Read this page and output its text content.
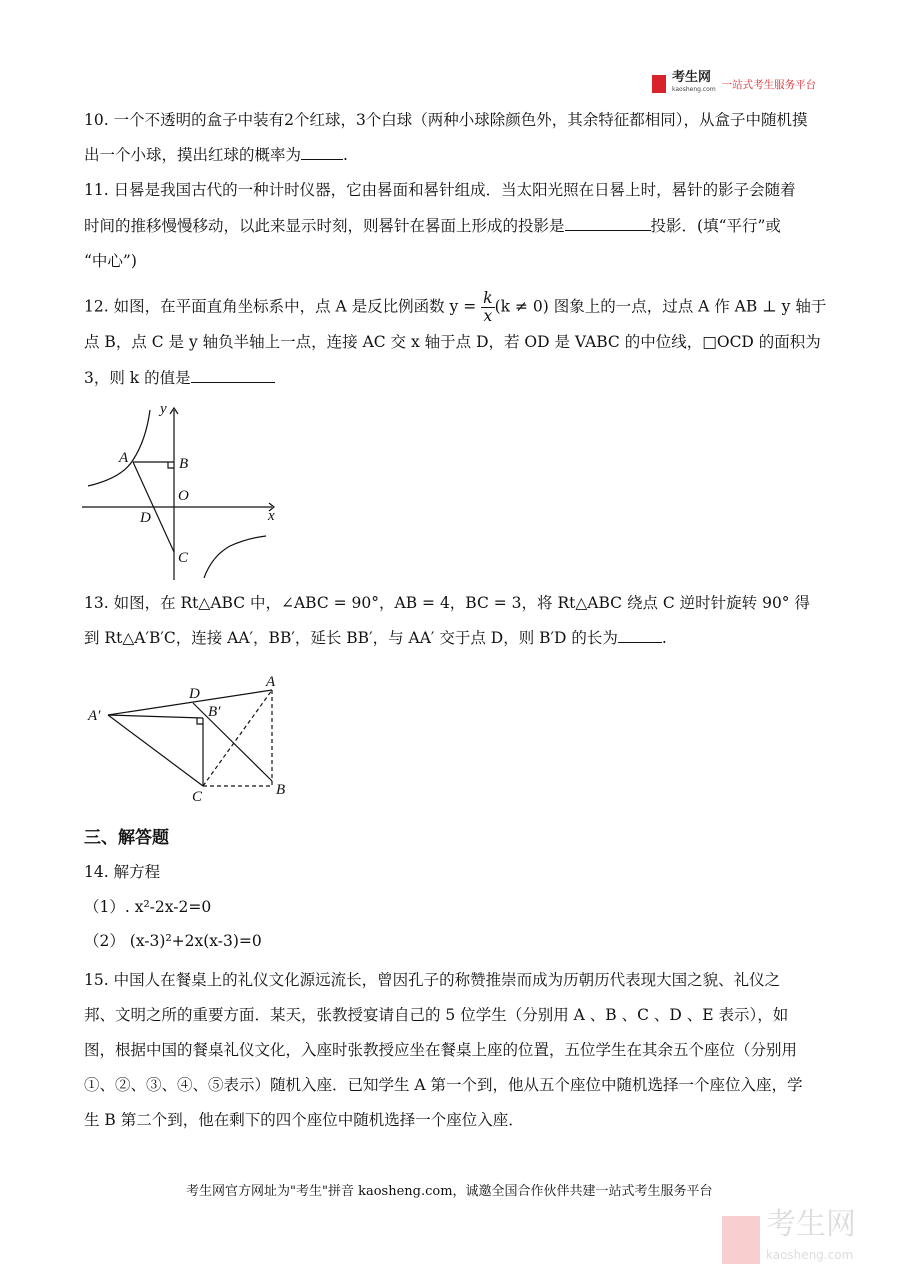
考生网
kaosheng.com 一站式考生服务平台
10. 一个不透明的盒子中装有2个红球，3个白球（两种小球除颜色外，其余特征都相同），从盒子中随机摸
出一个小球，摸出红球的概率为	.
11. 日晷是我国古代的一种计时仪器，它由晷面和晷针组成．当太阳光照在日晷上时，晷针的影子会随着
时间的推移慢慢移动，以此来显示时刻，则晷针在晷面上形成的投影是	投影．(填“平行”或
“中心”)
12. 如图，在平面直角坐标系中，点 A 是反比例函数 $y = \frac{k}{x} (k \ne 0)$ 图象上的一点，过点 A 作 AB ⊥ y 轴于
点 B，点 C 是 y 轴负半轴上一点，连接 AC 交 x 轴于点 D，若 OD 是 VABC 的中位线，□OCD 的面积为
3，则 k 的值是
y
x
A	B
O
D
C
A′
A
D
B′
C	B
13. 如图，在 Rt△ABC 中，∠ABC = 90°，AB = 4，BC = 3，将 Rt△ABC 绕点 C 逆时针旋转 90° 得
到 Rt△A′B′C，连接 AA′，BB′，延长 BB′，与 AA′ 交于点 D，则 B′D 的长为	.
三、解答题
14. 解方程
（1）. x²-2x-2=0
（2） (x-3)²+2x(x-3)=0
15. 中国人在餐桌上的礼仪文化源远流长，曾因孔子的称赞推崇而成为历朝历代表现大国之貌、礼仪之
邦、文明之所的重要方面．某天，张教授宴请自己的 5 位学生（分别用 A 、B 、C 、D 、E 表示），如
图，根据中国的餐桌礼仪文化，入座时张教授应坐在餐桌上座的位置，五位学生在其余五个座位（分别用
①、②、③、④、⑤表示）随机入座．已知学生 A 第一个到，他从五个座位中随机选择一个座位入座，学
生 B 第二个到，他在剩下的四个座位中随机选择一个座位入座．
考生网官方网址为"考生"拼音 kaosheng.com，诚邀全国合作伙伴共建一站式考生服务平台
考生网
kaosheng.com
